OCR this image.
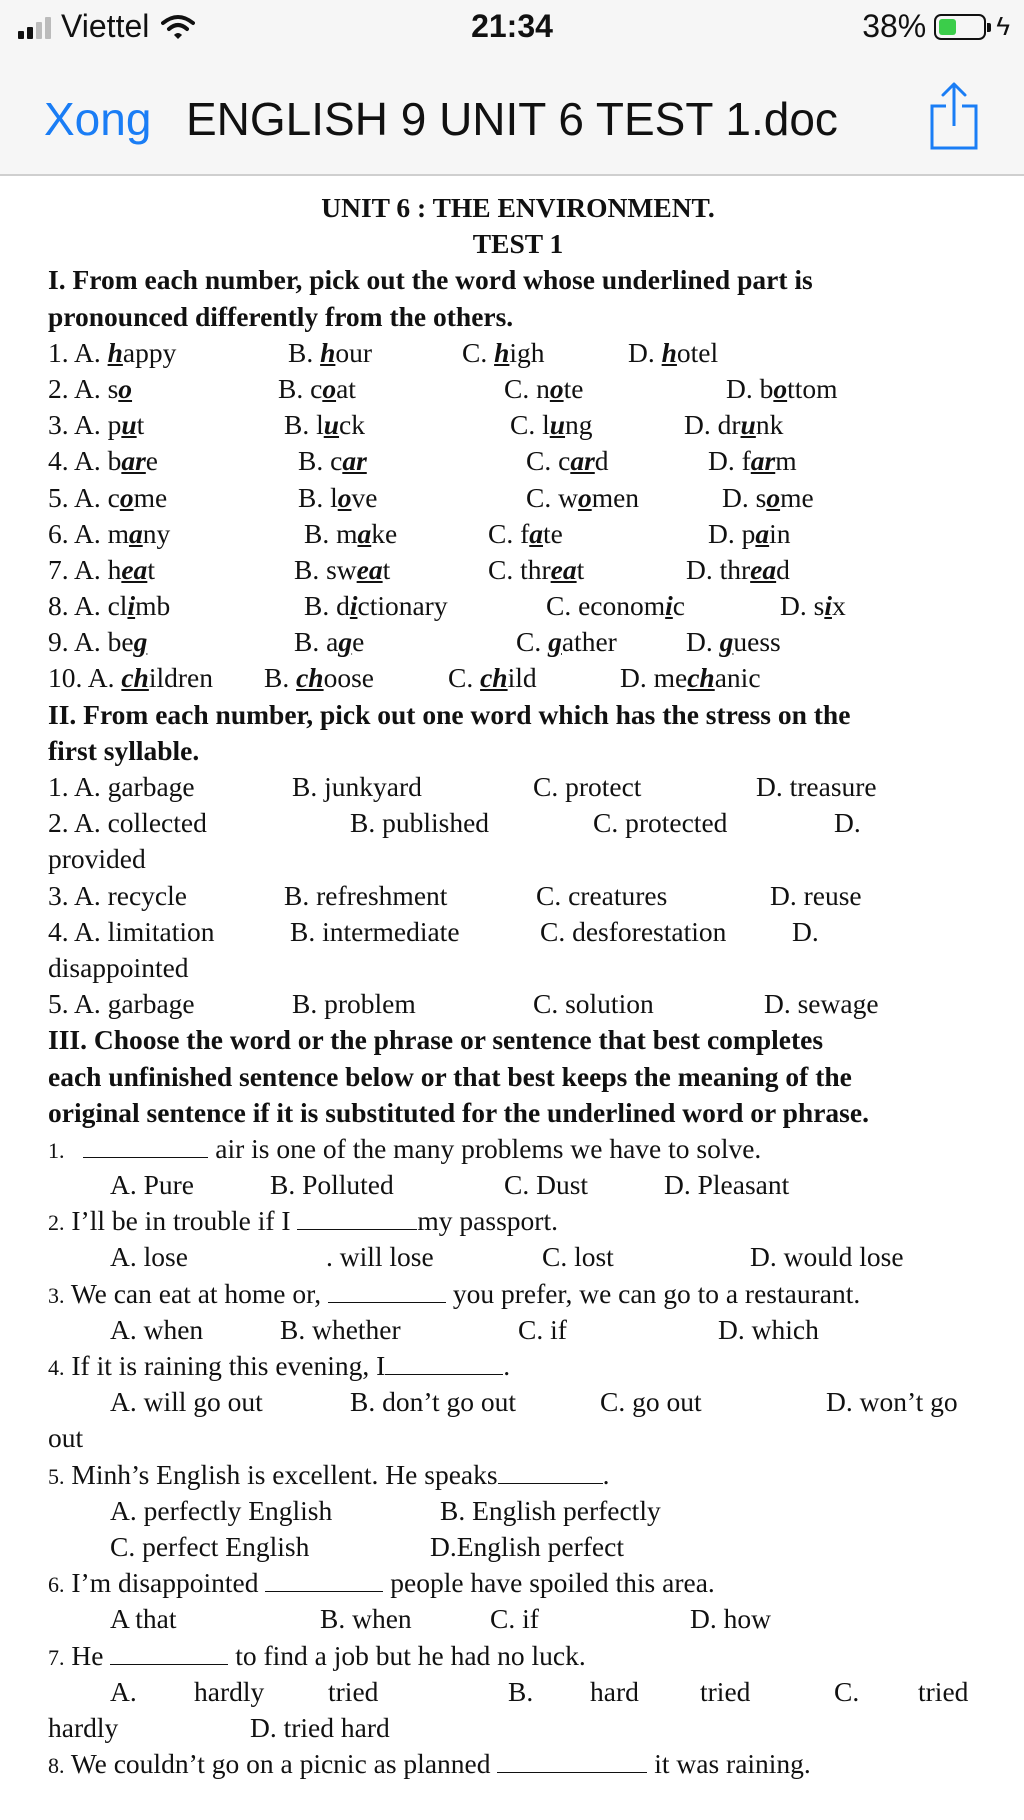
Viettel	21:34	38%	ϟ
Xong ENGLISH 9 UNIT 6 TEST 1.doc
UNIT 6 : THE ENVIRONMENT.
TEST 1
I. From each number, pick out the word whose underlined part is
pronounced differently from the others.
1. A. happy	B. hour	C. high	D. hotel
2. A. so	B. coat	C. note	D. bottom
3. A. put	B. luck	C. lung	D. drunk
4. A. bare	B. car	C. card	D. farm
5. A. come	B. love	C. women	D. some
6. A. many	B. make	C. fate	D. pain
7. A. heat	B. sweat	C. threat	D. thread
8. A. climb	B. dictionary	C. economic	D. six
9. A. beg	B. age	C. gather	D. guess
10. A. children B. choose	C. child	D. mechanic
II. From each number, pick out one word which has the stress on the
first syllable.
1. A. garbage	B. junkyard	C. protect	D. treasure
2. A. collected	B. published	C. protected	D.
provided
3. A. recycle	B. refreshment	C. creatures	D. reuse
4. A. limitation	B. intermediate	C. desforestation D.
disappointed
5. A. garbage	B. problem	C. solution	D. sewage
III. Choose the word or the phrase or sentence that best completes
each unfinished sentence below or that best keeps the meaning of the
original sentence if it is substituted for the underlined word or phrase.
1.	air is one of the many problems we have to solve.
A. Pure	B. Polluted	C. Dust	D. Pleasant
2. I’ll be in trouble if I	my passport.
A. lose	. will lose	C. lost	D. would lose
3. We can eat at home or,	you prefer, we can go to a restaurant.
A. when	B. whether	C. if	D. which
4. If it is raining this evening, I	.
A. will go out	B. don’t go out	C. go out	D. won’t go
out
5. Minh’s English is excellent. He speaks	.
A. perfectly English	B. English perfectly
C. perfect English	D.English perfect
6. I’m disappointed	people have spoiled this area.
A that	B. when	C. if	D. how
7. He	to find a job but he had no luck.
A. hardly tried	B. hard tried	C. tried
hardly	D. tried hard
8. We couldn’t go on a picnic as planned	it was raining.
